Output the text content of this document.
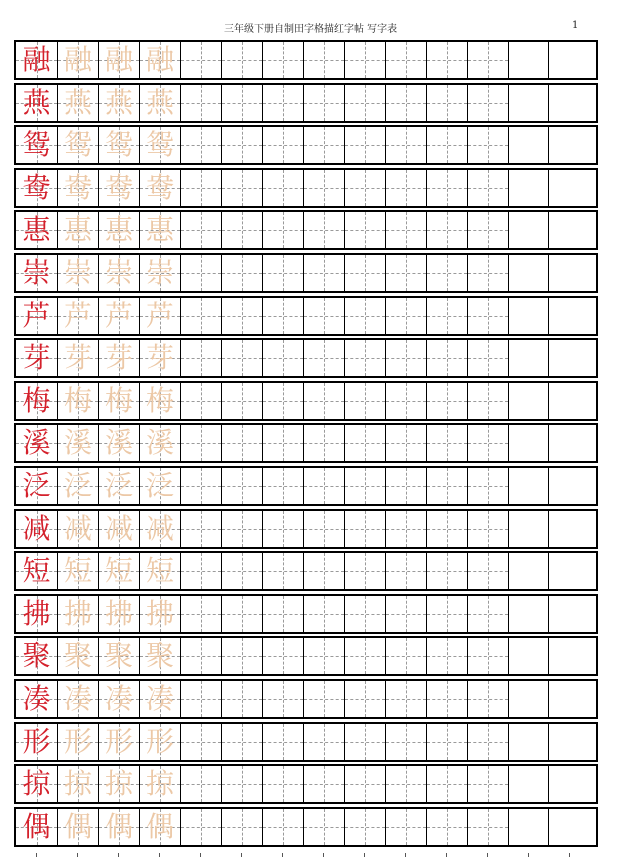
三年级下册自制田字格描红字帖 写字表	1
融 融 融 融
燕 燕 燕 燕
鸳 鸳 鸳 鸳
鸯 鸯 鸯 鸯
惠 惠 惠 惠
崇 崇 崇 崇
芦 芦 芦 芦
芽 芽 芽 芽
梅 梅 梅 梅
溪 溪 溪 溪
泛 泛 泛 泛
减 减 减 减
短 短 短 短
拂 拂 拂 拂
聚 聚 聚 聚
凑 凑 凑 凑
形 形 形 形
掠 掠 掠 掠
偶 偶 偶 偶
